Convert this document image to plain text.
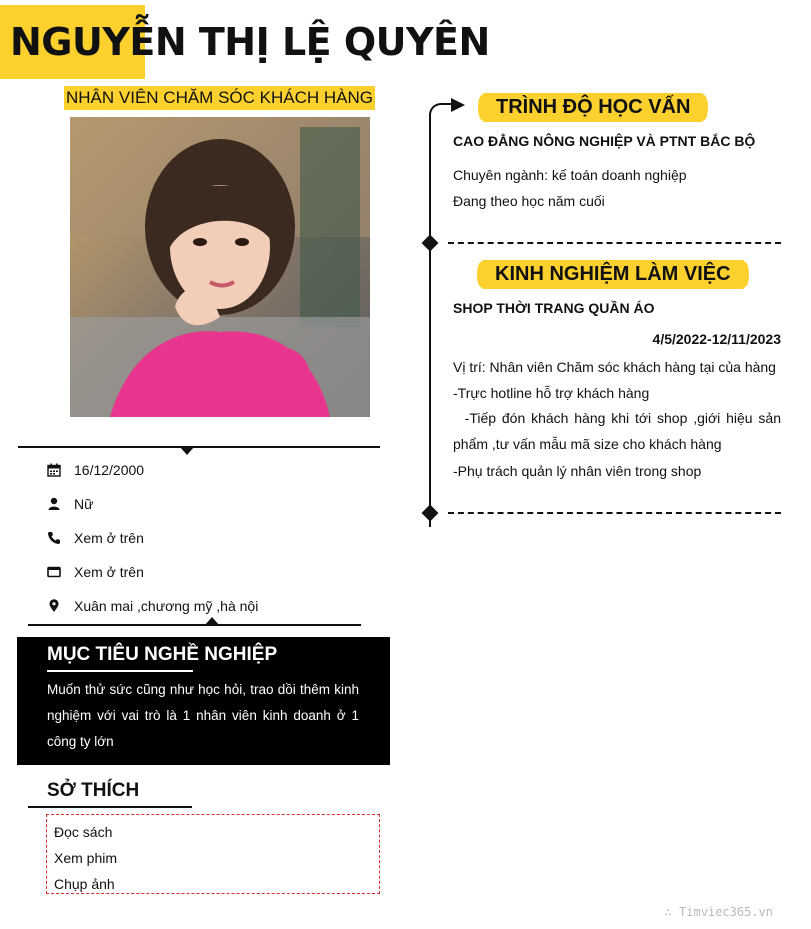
NGUYỄN THỊ LỆ QUYÊN
NHÂN VIÊN CHĂM SÓC KHÁCH HÀNG
16/12/2000
Nữ
Xem ở trên
Xem ở trên
Xuân mai ,chương mỹ ,hà nội
MỤC TIÊU NGHỀ NGHIỆP
Muốn thử sức cũng như học hỏi, trao dồi thêm kinh nghiệm với vai trò là 1 nhân viên kinh doanh ở 1 công ty lớn
SỞ THÍCH
Đọc sách
Xem phim
Chụp ảnh
TRÌNH ĐỘ HỌC VẤN
CAO ĐẲNG NÔNG NGHIỆP VÀ PTNT BẮC BỘ
Chuyên ngành: kế toán doanh nghiệp
Đang theo học năm cuối
KINH NGHIỆM LÀM VIỆC
SHOP THỜI TRANG QUẦN ÁO
4/5/2022-12/11/2023
Vị trí: Nhân viên Chăm sóc khách hàng tại của hàng
-Trực hotline hỗ trợ khách hàng
-Tiếp đón khách hàng khi tới shop ,giới hiệu sản phẩm ,tư vấn mẫu mã size cho khách hàng
-Phụ trách quản lý nhân viên trong shop
∴ Timviec365.vn
